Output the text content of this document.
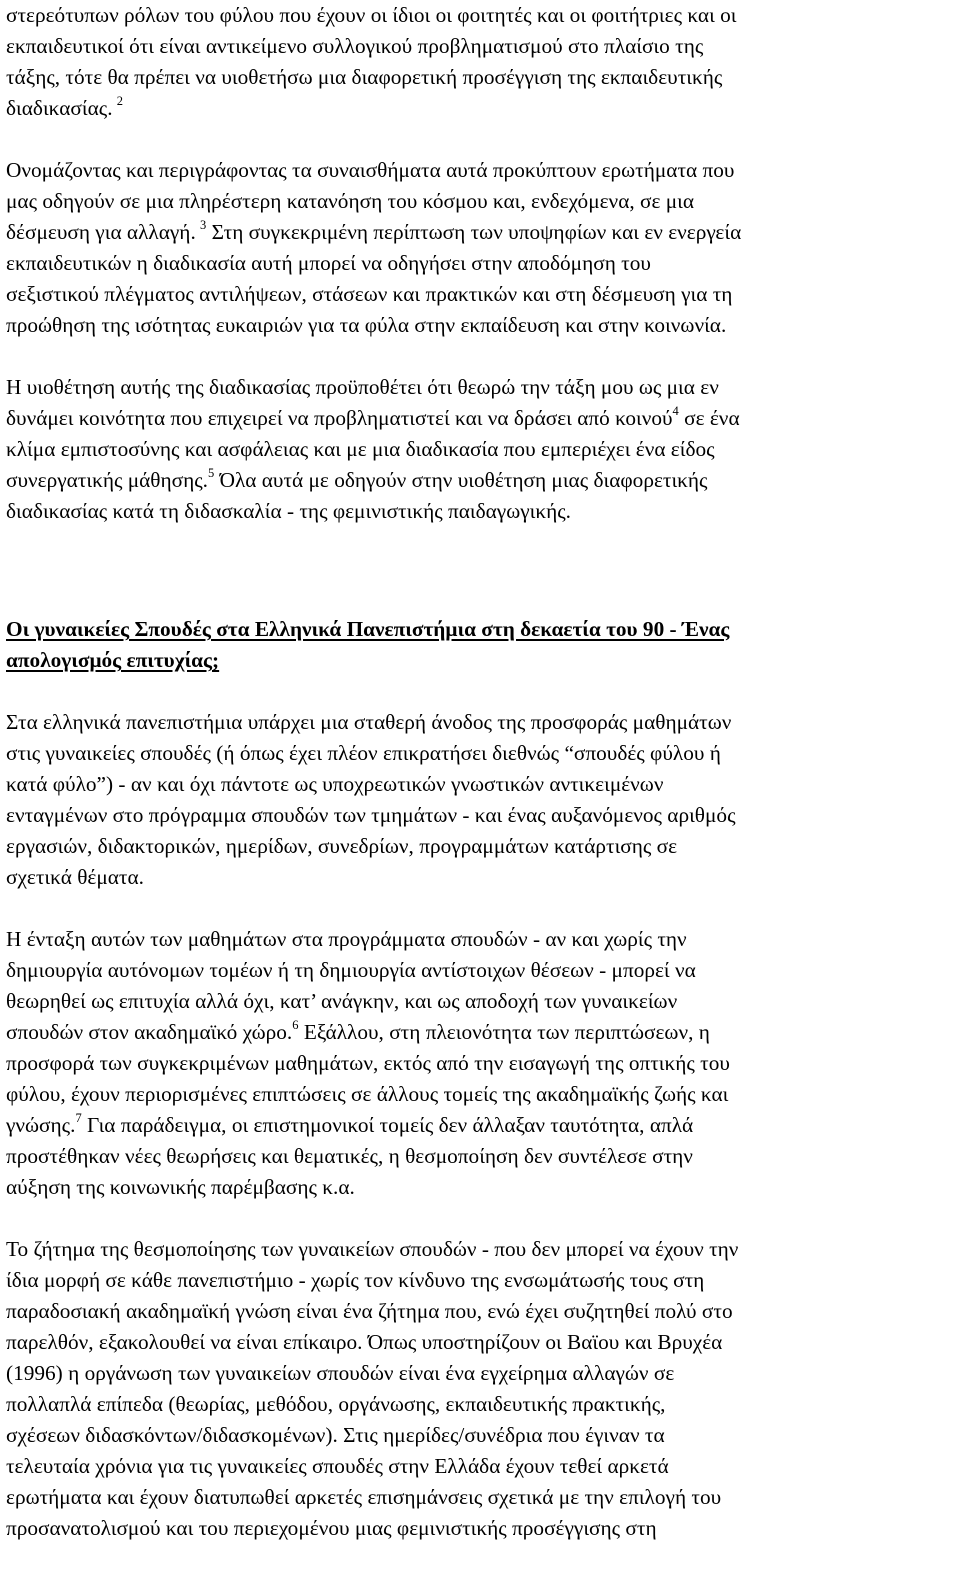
στερεότυπων ρόλων του φύλου που έχουν οι ίδιοι οι φοιτητές και οι φοιτήτριες και οι
εκπαιδευτικοί ότι είναι αντικείμενο συλλογικού προβληματισμού στο πλαίσιο της
τάξης, τότε θα πρέπει να υιοθετήσω μια διαφορετική προσέγγιση της εκπαιδευτικής
διαδικασίας.  $^2$

Ονομάζοντας και περιγράφοντας τα συναισθήματα αυτά προκύπτουν ερωτήματα που
μας οδηγούν σε μια πληρέστερη κατανόηση του κόσμου και, ενδεχόμενα, σε μια
δέσμευση για αλλαγή.  $^3$ Στη συγκεκριμένη περίπτωση των υποψηφίων και εν ενεργεία
εκπαιδευτικών η διαδικασία αυτή μπορεί να οδηγήσει στην αποδόμηση του
σεξιστικού πλέγματος αντιλήψεων, στάσεων και πρακτικών και στη δέσμευση για τη
προώθηση της ισότητας ευκαιριών για τα φύλα στην εκπαίδευση και στην κοινωνία.

Η υιοθέτηση αυτής της διαδικασίας προϋποθέτει ότι θεωρώ την τάξη μου ως μια εν
δυνάμει κοινότητα που επιχειρεί να προβληματιστεί και να δράσει από κοινού$^4$ σε ένα
κλίμα εμπιστοσύνης και ασφάλειας και με μια διαδικασία που εμπεριέχει ένα είδος
συνεργατικής μάθησης.$^5$ Όλα αυτά με οδηγούν στην υιοθέτηση μιας διαφορετικής
διαδικασίας κατά τη διδασκαλία - της φεμινιστικής παιδαγωγικής.

Οι γυναικείες Σπουδές στα Ελληνικά Πανεπιστήμια στη δεκαετία του 90 - Ένας
απολογισμός επιτυχίας;

Στα ελληνικά πανεπιστήμια υπάρχει μια σταθερή άνοδος της προσφοράς μαθημάτων
στις γυναικείες σπουδές (ή όπως έχει πλέον επικρατήσει διεθνώς “σπουδές φύλου ή
κατά φύλο”) - αν και όχι πάντοτε ως υποχρεωτικών γνωστικών αντικειμένων
ενταγμένων στο πρόγραμμα σπουδών των τμημάτων - και ένας αυξανόμενος αριθμός
εργασιών, διδακτορικών, ημερίδων, συνεδρίων, προγραμμάτων κατάρτισης σε
σχετικά θέματα.

Η ένταξη αυτών των μαθημάτων στα προγράμματα σπουδών - αν και χωρίς την
δημιουργία αυτόνομων τομέων ή τη δημιουργία αντίστοιχων θέσεων - μπορεί να
θεωρηθεί ως επιτυχία αλλά όχι, κατ’ ανάγκην, και ως αποδοχή των γυναικείων
σπουδών στον ακαδημαϊκό χώρο.$^6$ Εξάλλου, στη πλειονότητα των περιπτώσεων, η
προσφορά των συγκεκριμένων μαθημάτων, εκτός από την εισαγωγή της οπτικής του
φύλου, έχουν περιορισμένες επιπτώσεις σε άλλους τομείς της ακαδημαϊκής ζωής και
γνώσης.$^7$ Για παράδειγμα, οι επιστημονικοί τομείς δεν άλλαξαν ταυτότητα, απλά
προστέθηκαν νέες θεωρήσεις και θεματικές, η θεσμοποίηση δεν συντέλεσε στην
αύξηση της κοινωνικής παρέμβασης κ.α.

Το ζήτημα της θεσμοποίησης των γυναικείων σπουδών - που δεν μπορεί να έχουν την
ίδια μορφή σε κάθε πανεπιστήμιο - χωρίς τον κίνδυνο της ενσωμάτωσής τους στη
παραδοσιακή ακαδημαϊκή γνώση είναι ένα ζήτημα που, ενώ έχει συζητηθεί πολύ στο
παρελθόν, εξακολουθεί να είναι επίκαιρο. Όπως υποστηρίζουν οι Βαϊου και Βρυχέα
(1996) η οργάνωση των γυναικείων σπουδών είναι ένα εγχείρημα αλλαγών σε
πολλαπλά επίπεδα (θεωρίας, μεθόδου, οργάνωσης, εκπαιδευτικής πρακτικής,
σχέσεων διδασκόντων/διδασκομένων). Στις ημερίδες/συνέδρια που έγιναν τα
τελευταία χρόνια για τις γυναικείες σπουδές στην Ελλάδα έχουν τεθεί αρκετά
ερωτήματα και έχουν διατυπωθεί αρκετές επισημάνσεις σχετικά με την επιλογή του
προσανατολισμού και του περιεχομένου μιας φεμινιστικής προσέγγισης στη
